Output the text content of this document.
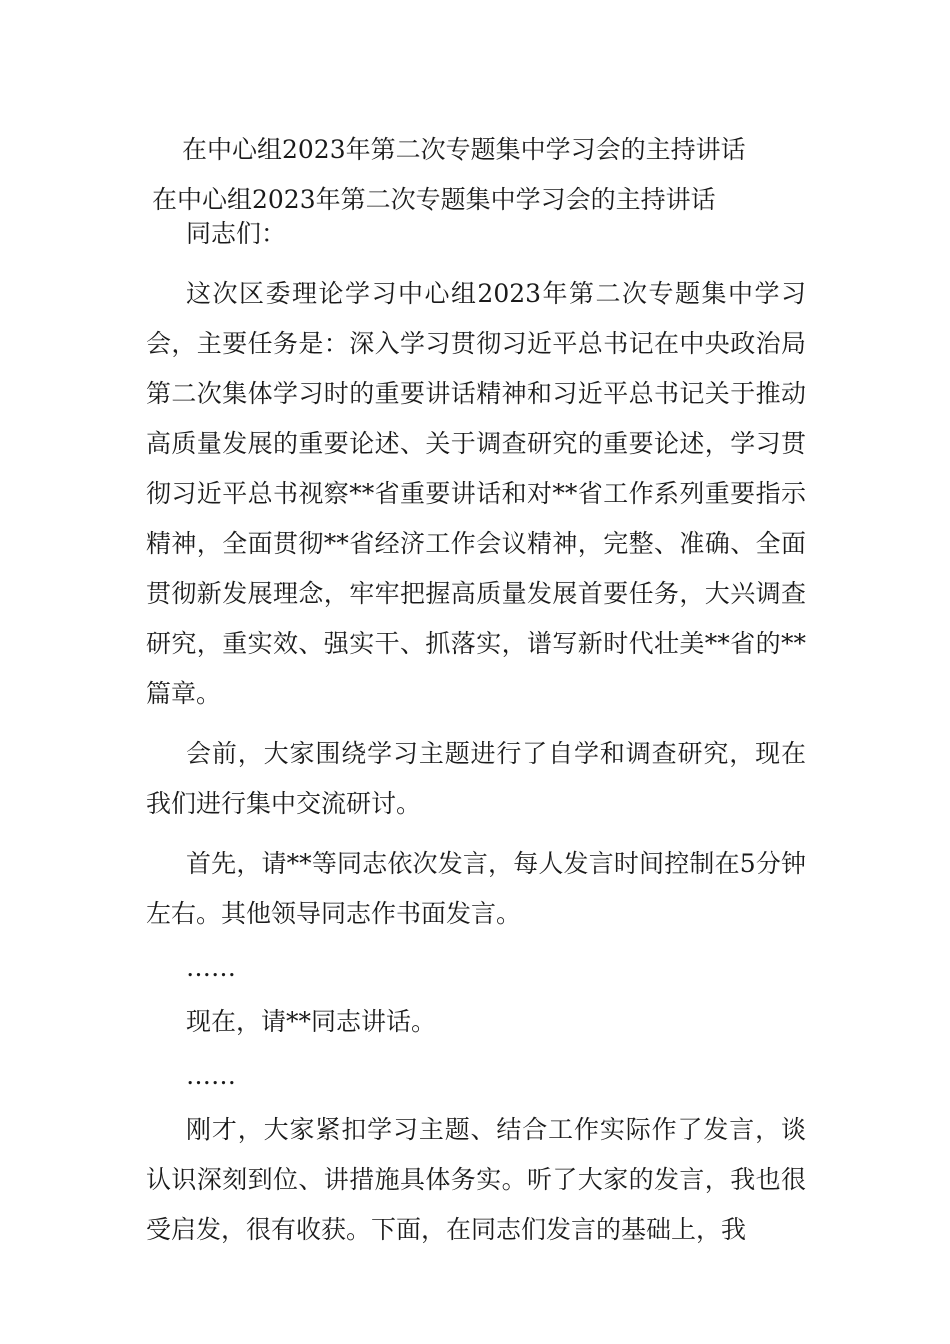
在中心组2023年第二次专题集中学习会的主持讲话
在中心组2023年第二次专题集中学习会的主持讲话

同志们：

这次区委理论学习中心组2023年第二次专题集中学习会，主要任务是：深入学习贯彻习近平总书记在中央政治局第二次集体学习时的重要讲话精神和习近平总书记关于推动高质量发展的重要论述、关于调查研究的重要论述，学习贯彻习近平总书视察**省重要讲话和对**省工作系列重要指示精神，全面贯彻**省经济工作会议精神，完整、准确、全面贯彻新发展理念，牢牢把握高质量发展首要任务，大兴调查研究，重实效、强实干、抓落实，谱写新时代壮美**省的**篇章。

会前，大家围绕学习主题进行了自学和调查研究，现在我们进行集中交流研讨。

首先，请**等同志依次发言，每人发言时间控制在5分钟左右。其他领导同志作书面发言。

……

现在，请**同志讲话。

……

刚才，大家紧扣学习主题、结合工作实际作了发言，谈认识深刻到位、讲措施具体务实。听了大家的发言，我也很受启发，很有收获。下面，在同志们发言的基础上，我
